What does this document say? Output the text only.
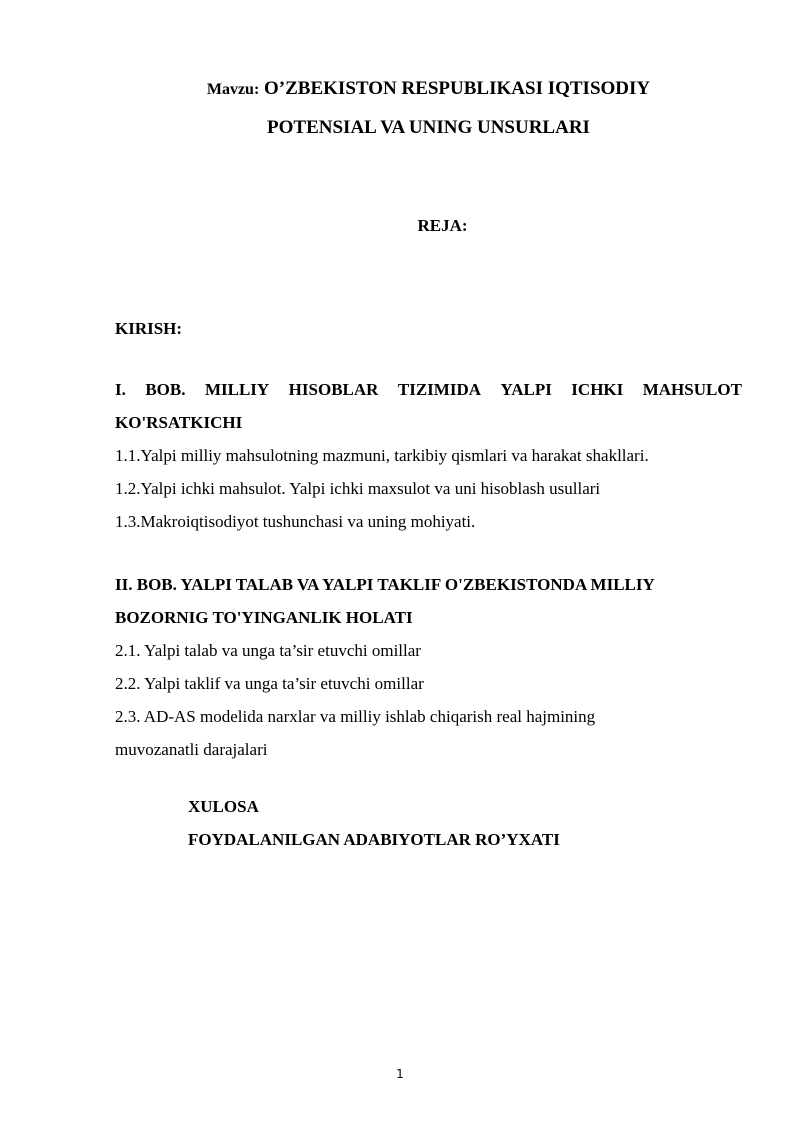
Mavzu: O’ZBEKISTON RESPUBLIKASI IQTISODIY
POTENSIAL VA UNING UNSURLARI
REJA:
KIRISH:
I. BOB. MILLIY HISOBLAR TIZIMIDA YALPI ICHKI MAHSULOT
KO'RSATKICHI
1.1.Yalpi milliy mahsulotning mazmuni, tarkibiy qismlari va harakat shakllari.
1.2.Yalpi ichki mahsulot. Yalpi ichki maxsulot va uni hisoblash usullari
1.3.Makroiqtisodiyot tushunchasi va uning mohiyati.
II. BOB. YALPI TALAB VA YALPI TAKLIF O'ZBEKISTONDA MILLIY
BOZORNIG TO'YINGANLIK HOLATI
2.1. Yalpi talab va unga ta’sir etuvchi omillar
2.2. Yalpi taklif va unga ta’sir etuvchi omillar
2.3. AD-AS modelida narxlar va milliy ishlab chiqarish real hajmining
muvozanatli darajalari
XULOSA
FOYDALANILGAN ADABIYOTLAR RO’YXATI
1
